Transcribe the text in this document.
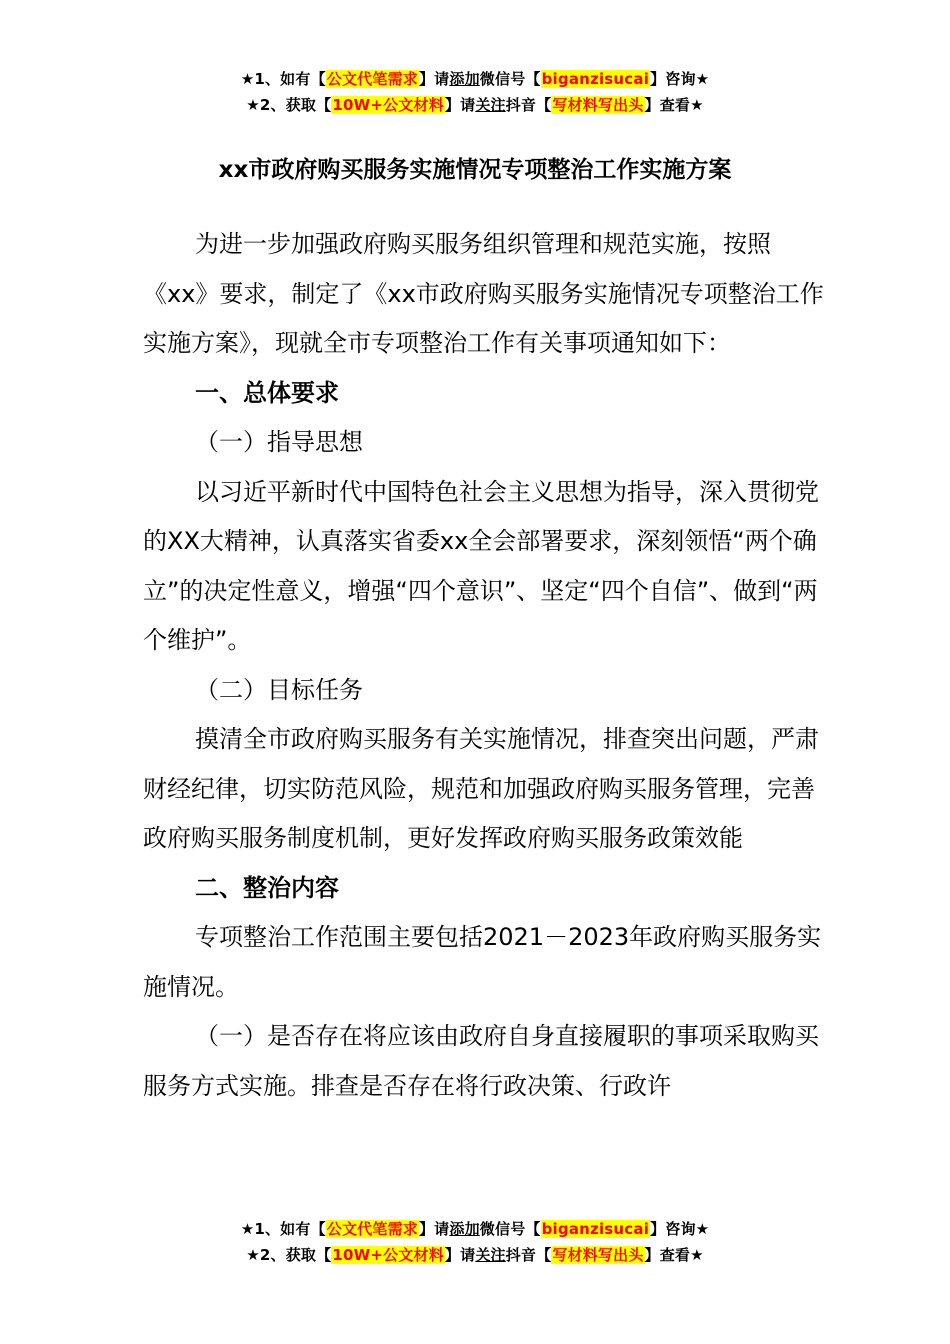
★1、如有【公文代笔需求】请添加微信号【biganzisucai】咨询★
★2、获取【10W+公文材料】请关注抖音【写材料写出头】查看★
xx市政府购买服务实施情况专项整治工作实施方案

为进一步加强政府购买服务组织管理和规范实施，按照《xx》要求，制定了《xx市政府购买服务实施情况专项整治工作实施方案》，现就全市专项整治工作有关事项通知如下：

一、总体要求

（一）指导思想

以习近平新时代中国特色社会主义思想为指导，深入贯彻党的XX大精神，认真落实省委xx全会部署要求，深刻领悟“两个确立”的决定性意义，增强“四个意识”、坚定“四个自信”、做到“两个维护”。

（二）目标任务

摸清全市政府购买服务有关实施情况，排查突出问题，严肃财经纪律，切实防范风险，规范和加强政府购买服务管理，完善政府购买服务制度机制，更好发挥政府购买服务政策效能

二、整治内容

专项整治工作范围主要包括2021－2023年政府购买服务实施情况。

（一）是否存在将应该由政府自身直接履职的事项采取购买服务方式实施。排查是否存在将行政决策、行政许

★1、如有【公文代笔需求】请添加微信号【biganzisucai】咨询★
★2、获取【10W+公文材料】请关注抖音【写材料写出头】查看★
